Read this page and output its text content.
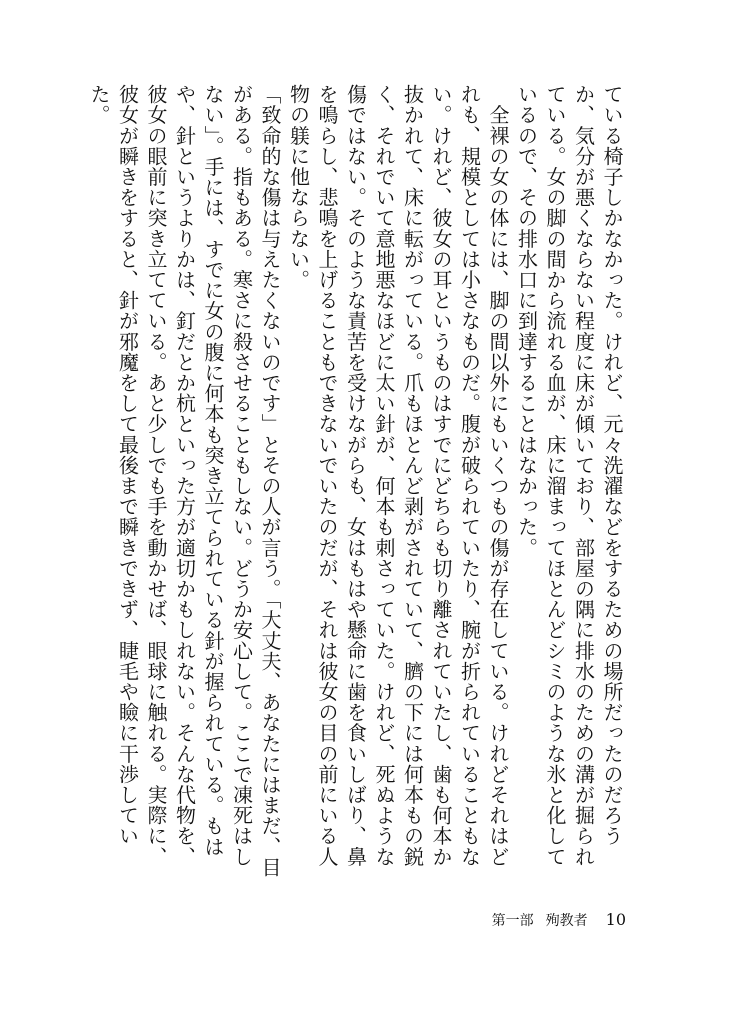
ている椅子しかなかった。けれど、元々洗濯などをするための場所だったのだろうか、気分が悪くならない程度に床が傾いており、部屋の隅に排水のための溝が掘られている。女の脚の間から流れる血が、床に溜まってほとんどシミのような氷と化しているので、その排水口に到達することはなかった。

　全裸の女の体には、脚の間以外にもいくつもの傷が存在している。けれどそれはどれも、規模としては小さなものだ。腹が破られていたり、腕が折られていることもない。けれど、彼女の耳というものはすでにどちらも切り離されていたし、歯も何本か抜かれて、床に転がっている。爪もほとんど剥がされていて、臍の下には何本もの鋭く、それでいて意地悪なほどに太い針が、何本も刺さっていた。けれど、死ぬような傷ではない。そのような責苦を受けながらも、女はもはや懸命に歯を食いしばり、鼻を鳴らし、悲鳴を上げることもできないでいたのだが、それは彼女の目の前にいる人物の躾に他ならない。

「致命的な傷は与えたくないのです」とその人が言う。「大丈夫、あなたにはまだ、目がある。指もある。寒さに殺させることもしない。どうか安心して。ここで凍死はしない」。手には、すでに女の腹に何本も突き立てられている針が握られている。もはや、針というよりかは、釘だとか杭といった方が適切かもしれない。そんな代物を、彼女の眼前に突き立てている。あと少しでも手を動かせば、眼球に触れる。実際に、彼女が瞬きをすると、針が邪魔をして最後まで瞬きできず、睫毛や瞼に干渉していた。

第一部 殉教者 10
